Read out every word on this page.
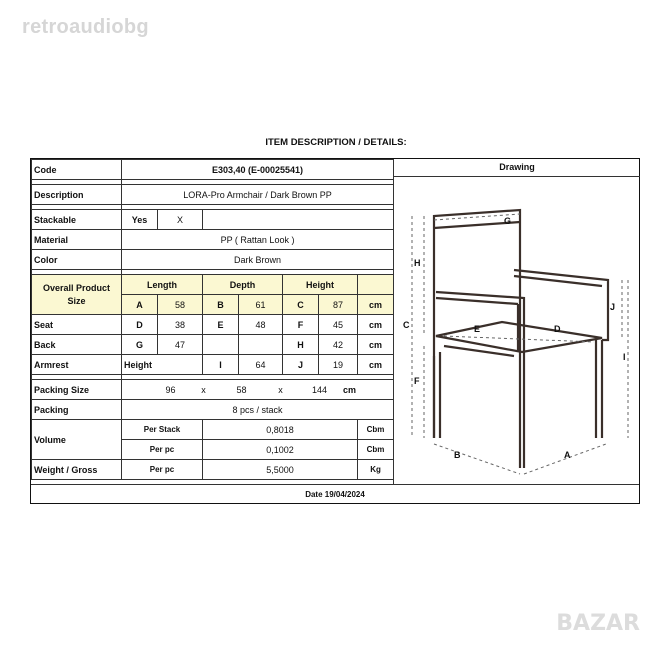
retroaudiobg
BAZAR
ITEM DESCRIPTION / DETAILS:
Code	E303,40 (E-00025541)						

Description	LORA-Pro Armchair / Dark Brown PP						

Stackable	Yes	X					
Material	PP ( Rattan Look )						
Color	Dark Brown						

Overall Product Size	Length		Depth		Height		
	A	58	B	61	C	87	cm
Seat	D	38	E	48	F	45	cm
Back	G	47			H	42	cm
Armrest	Height		I	64	J	19	cm

Packing Size	96 x 58 x 144 cm						
Packing	8 pcs / stack						
Volume	Per Stack		0,8018				Cbm
	Per pc		0,1002				Cbm
Weight / Gross	Per pc		5,5000				Kg
Drawing
G
H
C	E	D
F
J
I
B	A
Date 19/04/2024
